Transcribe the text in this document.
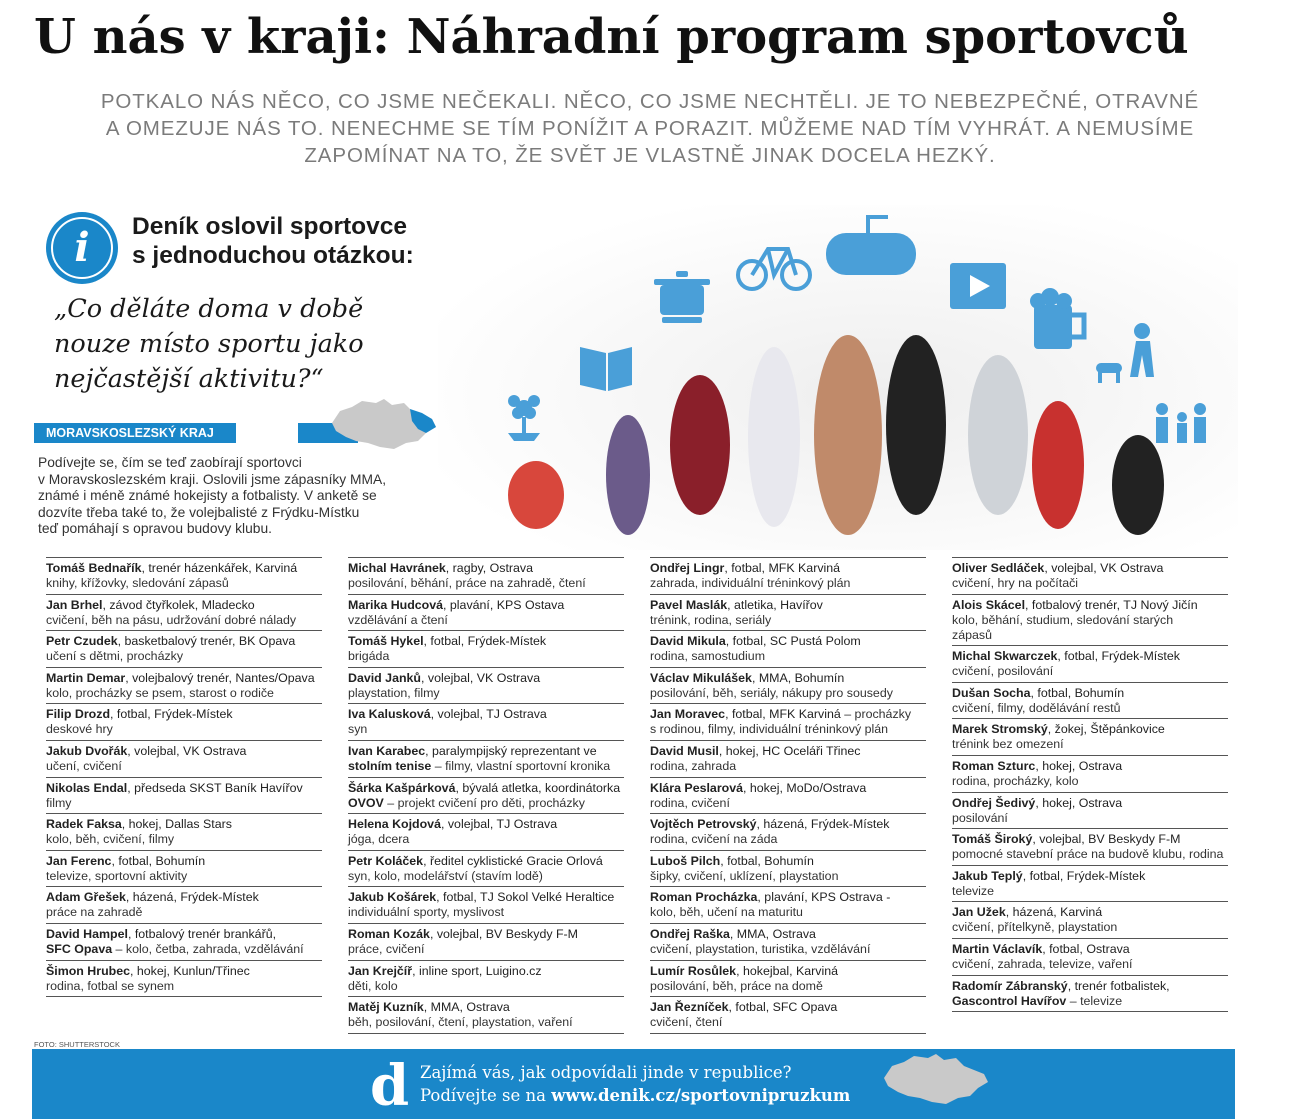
U nás v kraji: Náhradní program sportovců
POTKALO NÁS NĚCO, CO JSME NEČEKALI. NĚCO, CO JSME NECHTĚLI. JE TO NEBEZPEČNÉ, OTRAVNÉ
A OMEZUJE NÁS TO. NENECHME SE TÍM PONÍŽIT A PORAZIT. MŮŽEME NAD TÍM VYHRÁT. A NEMUSÍME
ZAPOMÍNAT NA TO, ŽE SVĚT JE VLASTNĚ JINAK DOCELA HEZKÝ.
i	Deník oslovil sportovce
s jednoduchou otázkou:
„Co děláte doma v době
nouze místo sportu jako
nejčastější aktivitu?“
MORAVSKOSLEZSKÝ KRAJ
Podívejte se, čím se teď zaobírají sportovci
v Moravskoslezském kraji. Oslovili jsme zápasníky MMA,
známé i méně známé hokejisty a fotbalisty. V anketě se
dozvíte třeba také to, že volejbalisté z Frýdku-Místku
teď pomáhají s opravou budovy klubu.
Tomáš Bednařík, trenér házenkářek, Karviná
knihy, křížovky, sledování zápasů
Jan Brhel, závod čtyřkolek, Mladecko
cvičení, běh na pásu, udržování dobré nálady
Petr Czudek, basketbalový trenér, BK Opava
učení s dětmi, procházky
Martin Demar, volejbalový trenér, Nantes/Opava
kolo, procházky se psem, starost o rodiče
Filip Drozd, fotbal, Frýdek-Místek
deskové hry
Jakub Dvořák, volejbal, VK Ostrava
učení, cvičení
Nikolas Endal, předseda SKST Baník Havířov
filmy
Radek Faksa, hokej, Dallas Stars
kolo, běh, cvičení, filmy
Jan Ferenc, fotbal, Bohumín
televize, sportovní aktivity
Adam Gřešek, házená, Frýdek-Místek
práce na zahradě
David Hampel, fotbalový trenér brankářů,
SFC Opava – kolo, četba, zahrada, vzdělávání
Šimon Hrubec, hokej, Kunlun/Třinec
rodina, fotbal se synem
Michal Havránek, ragby, Ostrava
posilování, běhání, práce na zahradě, čtení
Marika Hudcová, plavání, KPS Ostava
vzdělávání a čtení
Tomáš Hykel, fotbal, Frýdek-Místek
brigáda
David Janků, volejbal, VK Ostrava
playstation, filmy
Iva Kalusková, volejbal, TJ Ostrava
syn
Ivan Karabec, paralympijský reprezentant ve
stolním tenise – filmy, vlastní sportovní kronika
Šárka Kašpárková, bývalá atletka, koordinátorka
OVOV – projekt cvičení pro děti, procházky
Helena Kojdová, volejbal, TJ Ostrava
jóga, dcera
Petr Koláček, ředitel cyklistické Gracie Orlová
syn, kolo, modelářství (stavím lodě)
Jakub Košárek, fotbal, TJ Sokol Velké Heraltice
individuální sporty, myslivost
Roman Kozák, volejbal, BV Beskydy F-M
práce, cvičení
Jan Krejčíř, inline sport, Luigino.cz
děti, kolo
Matěj Kuzník, MMA, Ostrava
běh, posilování, čtení, playstation, vaření
Ondřej Lingr, fotbal, MFK Karviná
zahrada, individuální tréninkový plán
Pavel Maslák, atletika, Havířov
trénink, rodina, seriály
David Mikula, fotbal, SC Pustá Polom
rodina, samostudium
Václav Mikulášek, MMA, Bohumín
posilování, běh, seriály, nákupy pro sousedy
Jan Moravec, fotbal, MFK Karviná – procházky
s rodinou, filmy, individuální tréninkový plán
David Musil, hokej, HC Oceláři Třinec
rodina, zahrada
Klára Peslarová, hokej, MoDo/Ostrava
rodina, cvičení
Vojtěch Petrovský, házená, Frýdek-Místek
rodina, cvičení na zádа
Luboš Pilch, fotbal, Bohumín
šipky, cvičení, uklízení, playstation
Roman Procházka, plavání, KPS Ostrava -
kolo, běh, učení na maturitu
Ondřej Raška, MMA, Ostrava
cvičení, playstation, turistika, vzdělávání
Lumír Rosůlek, hokejbal, Karviná
posilování, běh, práce na domě
Jan Řezníček, fotbal, SFC Opava
cvičení, čtení
Oliver Sedláček, volejbal, VK Ostrava
cvičení, hry na počítači
Alois Skácel, fotbalový trenér, TJ Nový Jičín
kolo, běhání, studium, sledování starých
zápasů
Michal Skwarczek, fotbal, Frýdek-Místek
cvičení, posilování
Dušan Socha, fotbal, Bohumín
cvičení, filmy, dodělávání restů
Marek Stromský, žokej, Štěpánkovice
trénink bez omezení
Roman Szturc, hokej, Ostrava
rodina, procházky, kolo
Ondřej Šedivý, hokej, Ostrava
posilování
Tomáš Široký, volejbal, BV Beskydy F-M
pomocné stavební práce na budově klubu, rodina
Jakub Teplý, fotbal, Frýdek-Místek
televize
Jan Užek, házená, Karviná
cvičení, přítelkyně, playstation
Martin Václavík, fotbal, Ostrava
cvičení, zahrada, televize, vaření
Radomír Zábranský, trenér fotbalistek,
Gascontrol Havířov – televize
FOTO: SHUTTERSTOCK
d Zajímá vás, jak odpovídali jinde v republice?
Podívejte se na www.denik.cz/sportovnipruzkum
